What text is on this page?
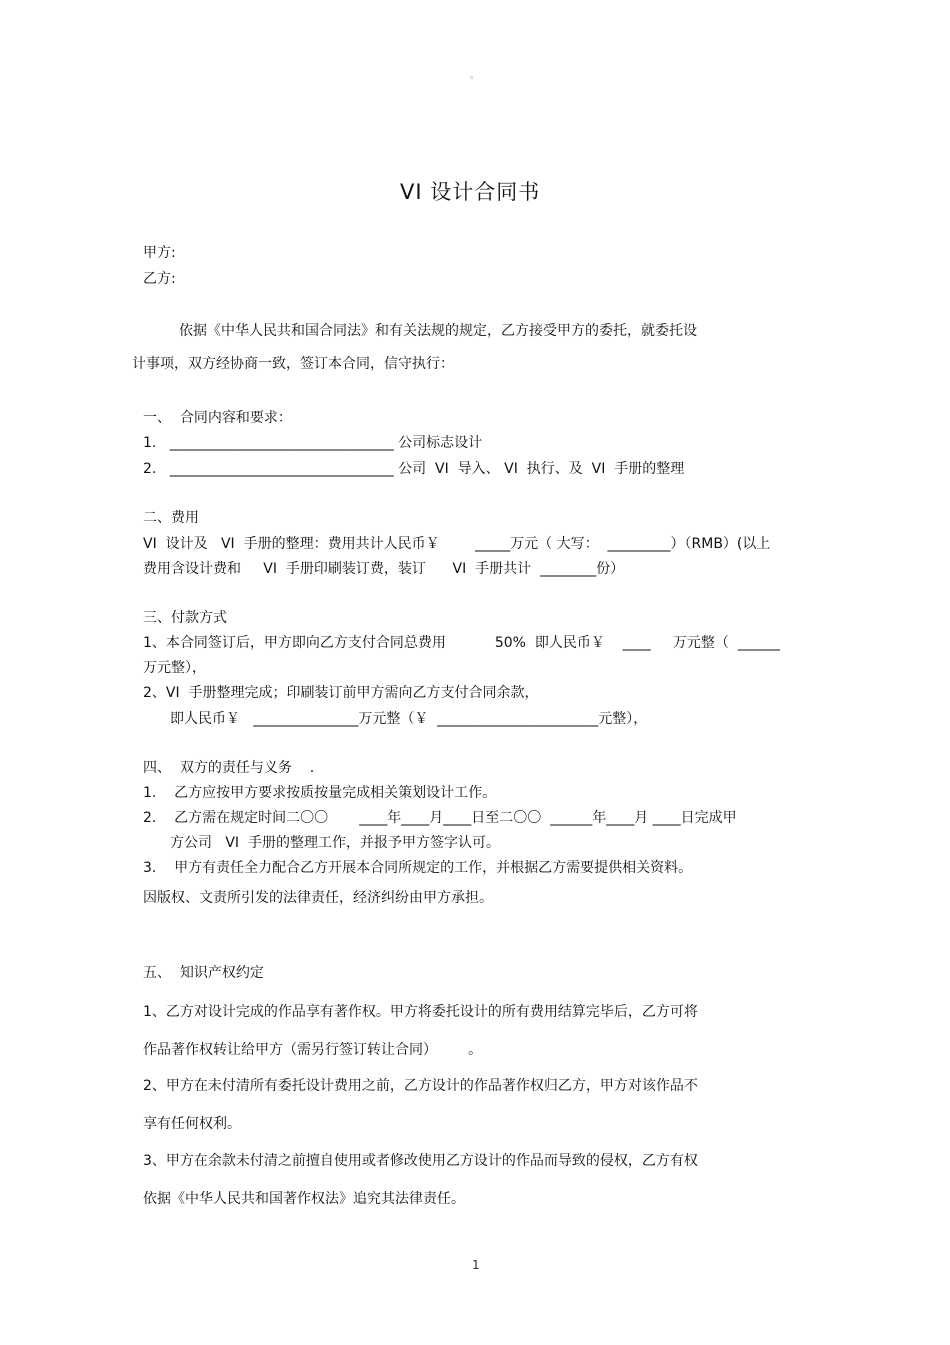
。
VI 设计合同书
甲方:
乙方:
依据《中华人民共和国合同法》和有关法规的规定，乙方接受甲方的委托，就委托设
计事项，双方经协商一致，签订本合同，信守执行：
一、  合同内容和要求：
1.   ________________________________ 公司标志设计
2.   ________________________________ 公司  VI  导入、 VI  执行、及  VI  手册的整理
二、费用
VI  设计及   VI  手册的整理：费用共计人民币￥        _____万元（ 大写：  _________）（RMB）(以上
费用含设计费和     VI  手册印刷装订费，装订      VI  手册共计  ________份）
三、付款方式
1、本合同签订后，甲方即向乙方支付合同总费用           50%  即人民币￥    ____     万元整（  ______
万元整），
2、VI  手册整理完成；印刷装订前甲方需向乙方支付合同余款，
即人民币￥   _______________万元整（￥  _______________________元整），
四、  双方的责任与义务    .
1.    乙方应按甲方要求按质按量完成相关策划设计工作。
2.    乙方需在规定时间二〇〇       ____年____月____日至二〇〇  ______年____月 ____日完成甲
方公司   VI  手册的整理工作，并报予甲方签字认可。
3.    甲方有责任全力配合乙方开展本合同所规定的工作，并根据乙方需要提供相关资料。
因版权、文责所引发的法律责任，经济纠纷由甲方承担。
五、  知识产权约定
1、乙方对设计完成的作品享有著作权。甲方将委托设计的所有费用结算完毕后，乙方可将
作品著作权转让给甲方（需另行签订转让合同）       。
2、甲方在未付清所有委托设计费用之前，乙方设计的作品著作权归乙方，甲方对该作品不
享有任何权利。
3、甲方在余款未付清之前擅自使用或者修改使用乙方设计的作品而导致的侵权，乙方有权
依据《中华人民共和国著作权法》追究其法律责任。
1
